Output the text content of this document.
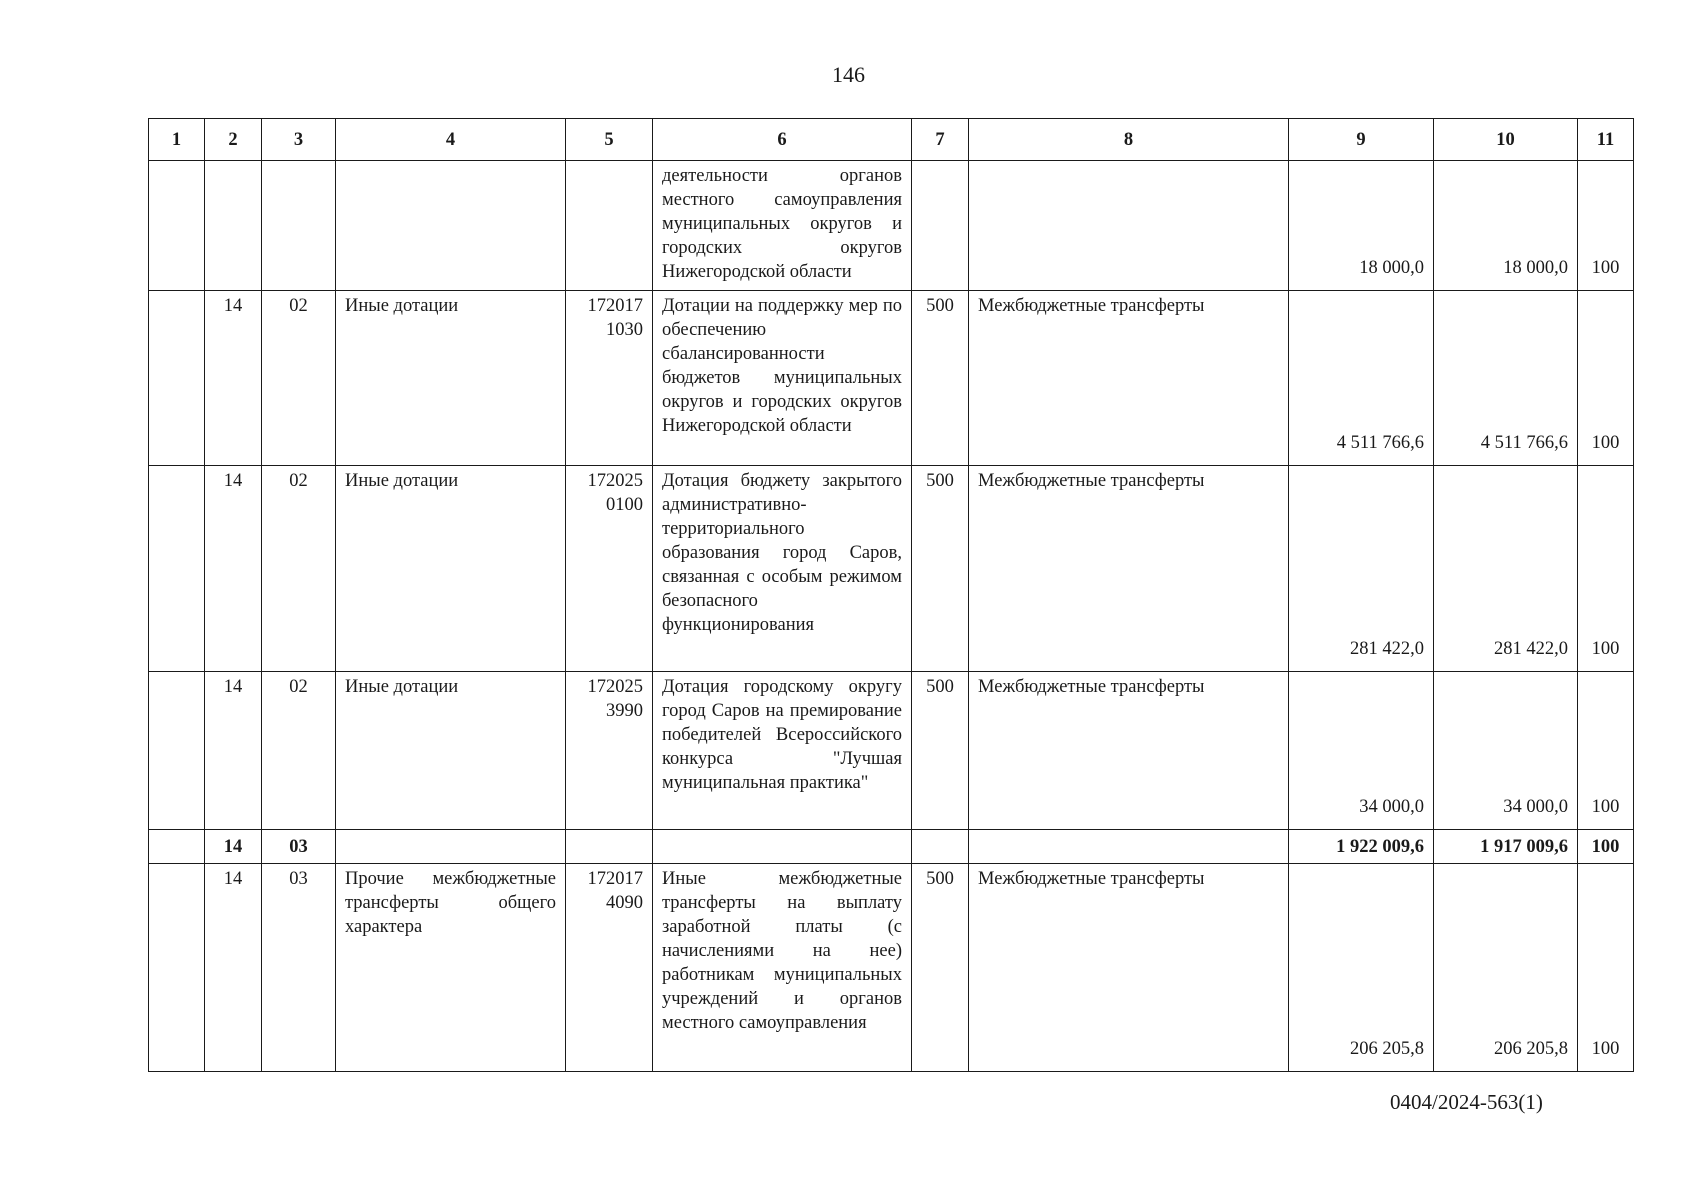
146
1	2	3	4	5	6	7	8	9	10	11
					деятельности органов местного самоуправления муниципальных округов и городских округов Нижегородской области			18 000,0	18 000,0	100
	14	02	Иные дотации	172017 1030	Дотации на поддержку мер по обеспечению сбалансированности бюджетов муниципальных округов и городских округов Нижегородской области	500	Межбюджетные трансферты	4 511 766,6	4 511 766,6	100
	14	02	Иные дотации	172025 0100	Дотация бюджету закрытого административно-территориального образования город Саров, связанная с особым режимом безопасного функционирования	500	Межбюджетные трансферты	281 422,0	281 422,0	100
	14	02	Иные дотации	172025 3990	Дотация городскому округу город Саров на премирование победителей Всероссийского конкурса "Лучшая муниципальная практика"	500	Межбюджетные трансферты	34 000,0	34 000,0	100
	14	03						1 922 009,6	1 917 009,6	100
	14	03	Прочие межбюджетные трансферты общего характера	172017 4090	Иные межбюджетные трансферты на выплату заработной платы (с начислениями на нее) работникам муниципальных учреждений и органов местного самоуправления	500	Межбюджетные трансферты	206 205,8	206 205,8	100
0404/2024-563(1)
